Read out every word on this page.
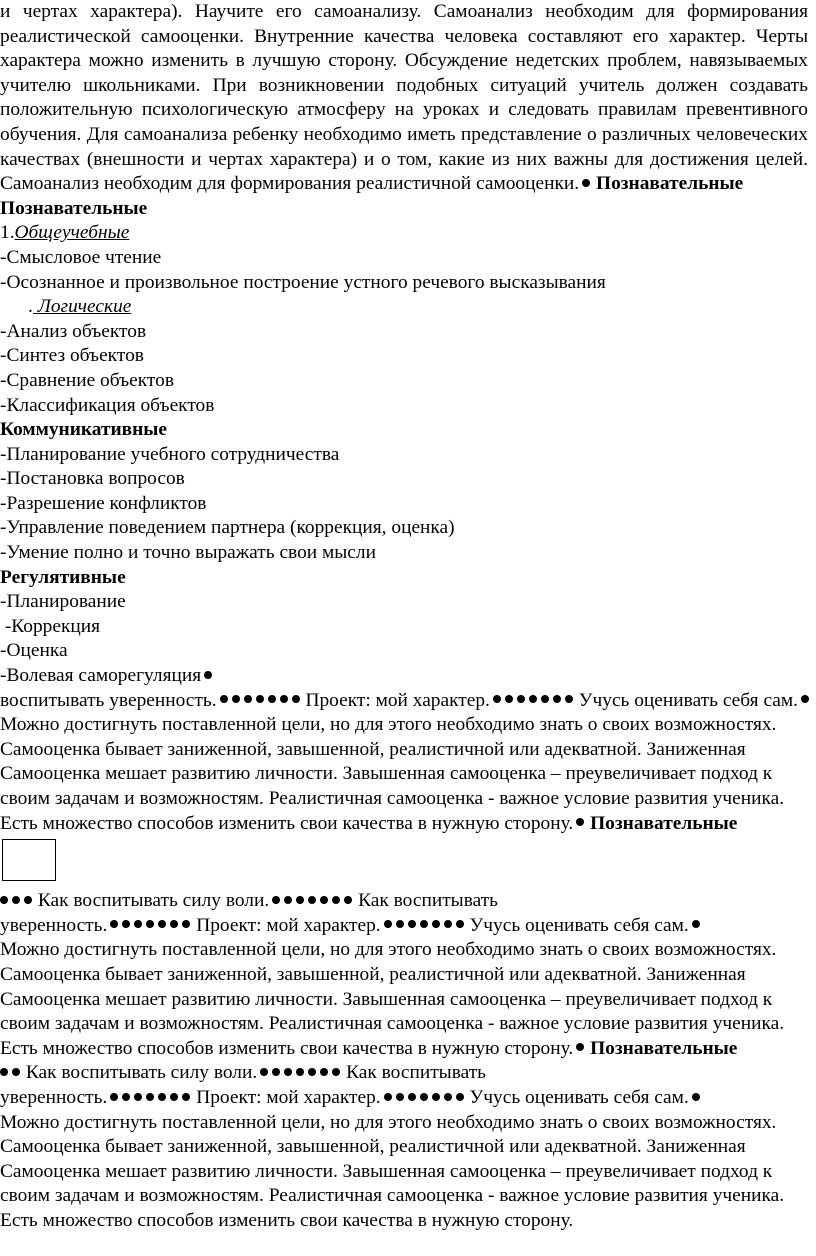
и чертах характера). Научите его самоанализу. Самоанализ необходим для формирования реалистической самооценки. Внутренние качества человека составляют его характер. Черты характера можно изменить в лучшую сторону. Обсуждение недетских проблем, навязываемых учителю школьниками. При возникновении подобных ситуаций учитель должен создавать положительную психологическую атмосферу на уроках и следовать правилам превентивного обучения. Для самоанализа ребенку необходимо иметь представление о различных человеческих качествах (внешности и чертах характера) и о том, какие из них важны для достижения целей. Самоанализ необходим для формирования реалистичной самооценки. Познавательные

Познавательные
1.Общеучебные
-Смысловое чтение
-Осознанное и произвольное построение устного речевого высказывания
. Логические
-Анализ объектов
-Синтез объектов
-Сравнение объектов
-Классификация объектов
Коммуникативные
-Планирование учебного сотрудничества
-Постановка вопросов
-Разрешение конфликтов
-Управление поведением партнера (коррекция, оценка)
-Умение полно и точно выражать свои мысли
Регулятивные
-Планирование
-Коррекция
-Оценка
-Волевая саморегуляция

воспитывать уверенность.	Проект: мой характер.	Учусь оценивать себя сам. Можно достигнуть поставленной цели, но для этого необходимо знать о своих возможностях. Самооценка бывает заниженной, завышенной, реалистичной или адекватной. Заниженная Самооценка мешает развитию личности. Завышенная самооценка – преувеличивает подход к своим задачам и возможностям. Реалистичная самооценка - важное условие развития ученика. Есть множество способов изменить свои качества в нужную сторону. Познавательные

Как воспитывать силу воли.	Как воспитывать
уверенность.	Проект: мой характер.	Учусь оценивать себя сам.
Можно достигнуть поставленной цели, но для этого необходимо знать о своих возможностях. Самооценка бывает заниженной, завышенной, реалистичной или адекватной. Заниженная Самооценка мешает развитию личности. Завышенная самооценка – преувеличивает подход к своим задачам и возможностям. Реалистичная самооценка - важное условие развития ученика. Есть множество способов изменить свои качества в нужную сторону. Познавательные

Как воспитывать силу воли.	Как воспитывать
уверенность.	Проект: мой характер.	Учусь оценивать себя сам.
Можно достигнуть поставленной цели, но для этого необходимо знать о своих возможностях. Самооценка бывает заниженной, завышенной, реалистичной или адекватной. Заниженная Самооценка мешает развитию личности. Завышенная самооценка – преувеличивает подход к своим задачам и возможностям. Реалистичная самооценка - важное условие развития ученика. Есть множество способов изменить свои качества в нужную сторону.
